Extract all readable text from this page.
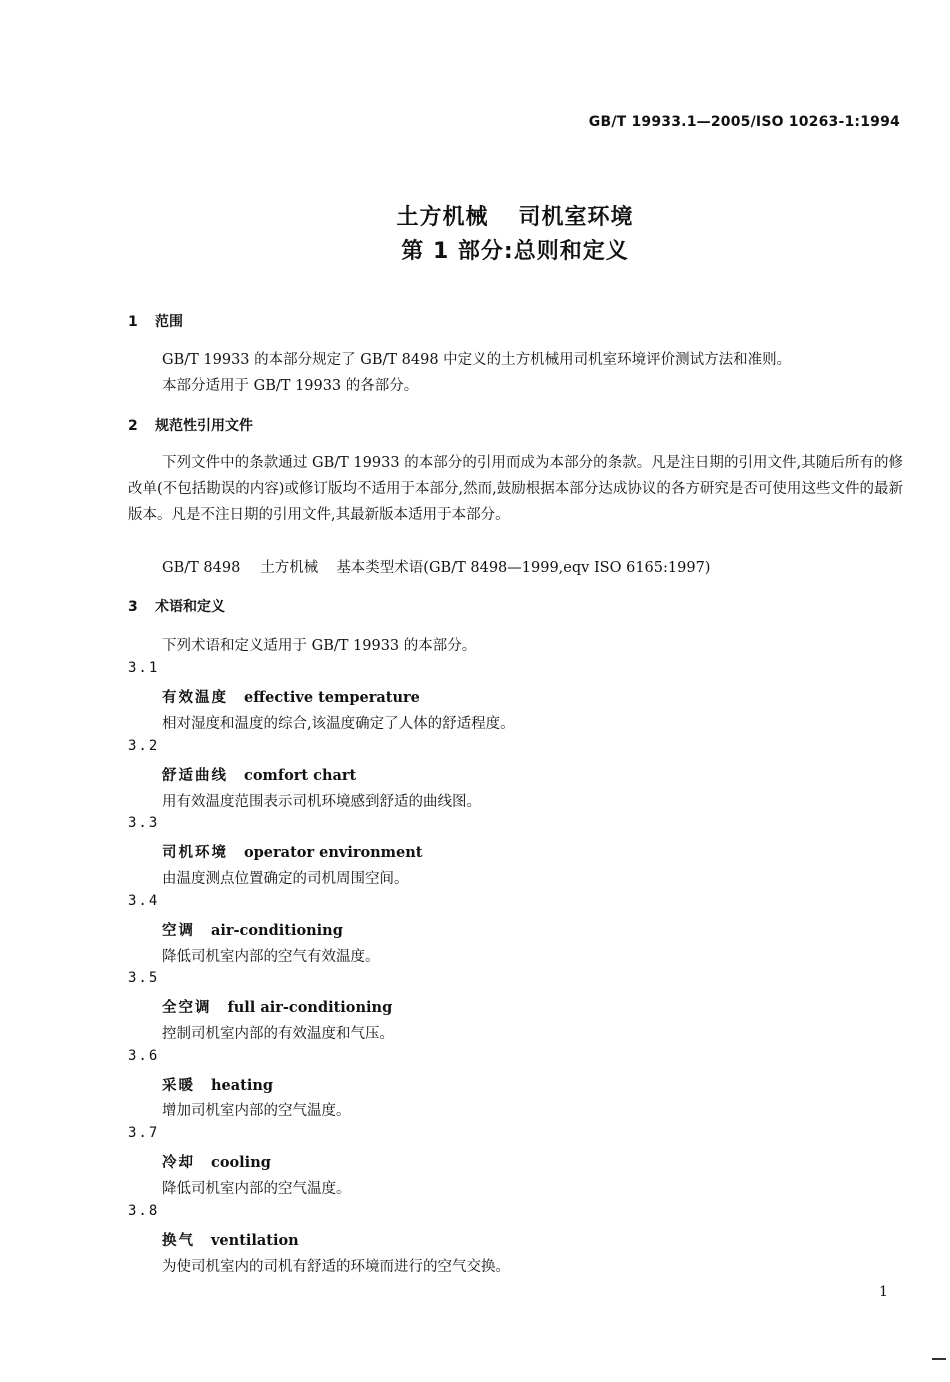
GB/T 19933.1—2005/ISO 10263-1:1994
土方机械 司机室环境
第 1 部分:总则和定义
1 范围
GB/T 19933 的本部分规定了 GB/T 8498 中定义的土方机械用司机室环境评价测试方法和准则。
本部分适用于 GB/T 19933 的各部分。
2 规范性引用文件
下列文件中的条款通过 GB/T 19933 的本部分的引用而成为本部分的条款。凡是注日期的引用文件,其随后所有的修改单(不包括勘误的内容)或修订版均不适用于本部分,然而,鼓励根据本部分达成协议的各方研究是否可使用这些文件的最新版本。凡是不注日期的引用文件,其最新版本适用于本部分。
GB/T 8498 土方机械 基本类型术语(GB/T 8498—1999,eqv ISO 6165:1997)
3 术语和定义
下列术语和定义适用于 GB/T 19933 的本部分。
3.1
有效温度 effective temperature
相对湿度和温度的综合,该温度确定了人体的舒适程度。
3.2
舒适曲线 comfort chart
用有效温度范围表示司机环境感到舒适的曲线图。
3.3
司机环境 operator environment
由温度测点位置确定的司机周围空间。
3.4
空调 air-conditioning
降低司机室内部的空气有效温度。
3.5
全空调 full air-conditioning
控制司机室内部的有效温度和气压。
3.6
采暖 heating
增加司机室内部的空气温度。
3.7
冷却 cooling
降低司机室内部的空气温度。
3.8
换气 ventilation
为使司机室内的司机有舒适的环境而进行的空气交换。
1
